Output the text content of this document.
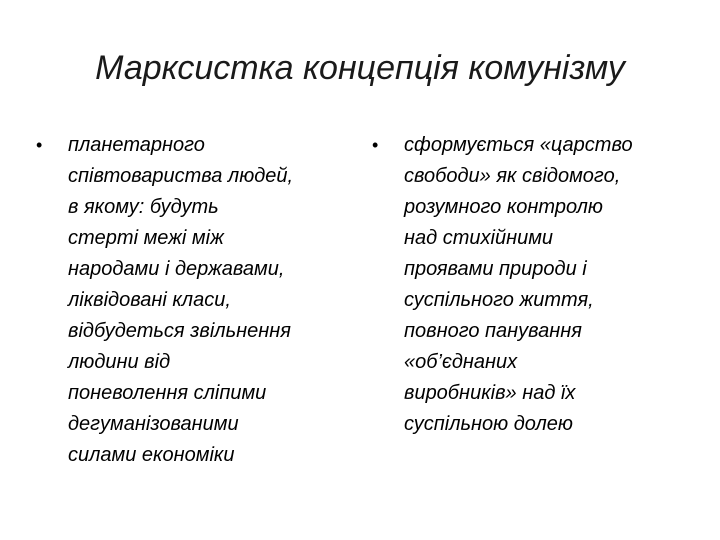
Марксистка концепція комунізму
•	планетарного
співтовариства людей,
в якому: будуть
стерті межі між
народами і державами,
ліквідовані класи,
відбудеться звільнення
людини від
поневолення сліпими
дегуманізованими
силами економіки
•	сформується «царство
свободи» як свідомого,
розумного контролю
над стихійними
проявами природи і
суспільного життя,
повного панування
«об’єднаних
виробників» над їх
суспільною долею
